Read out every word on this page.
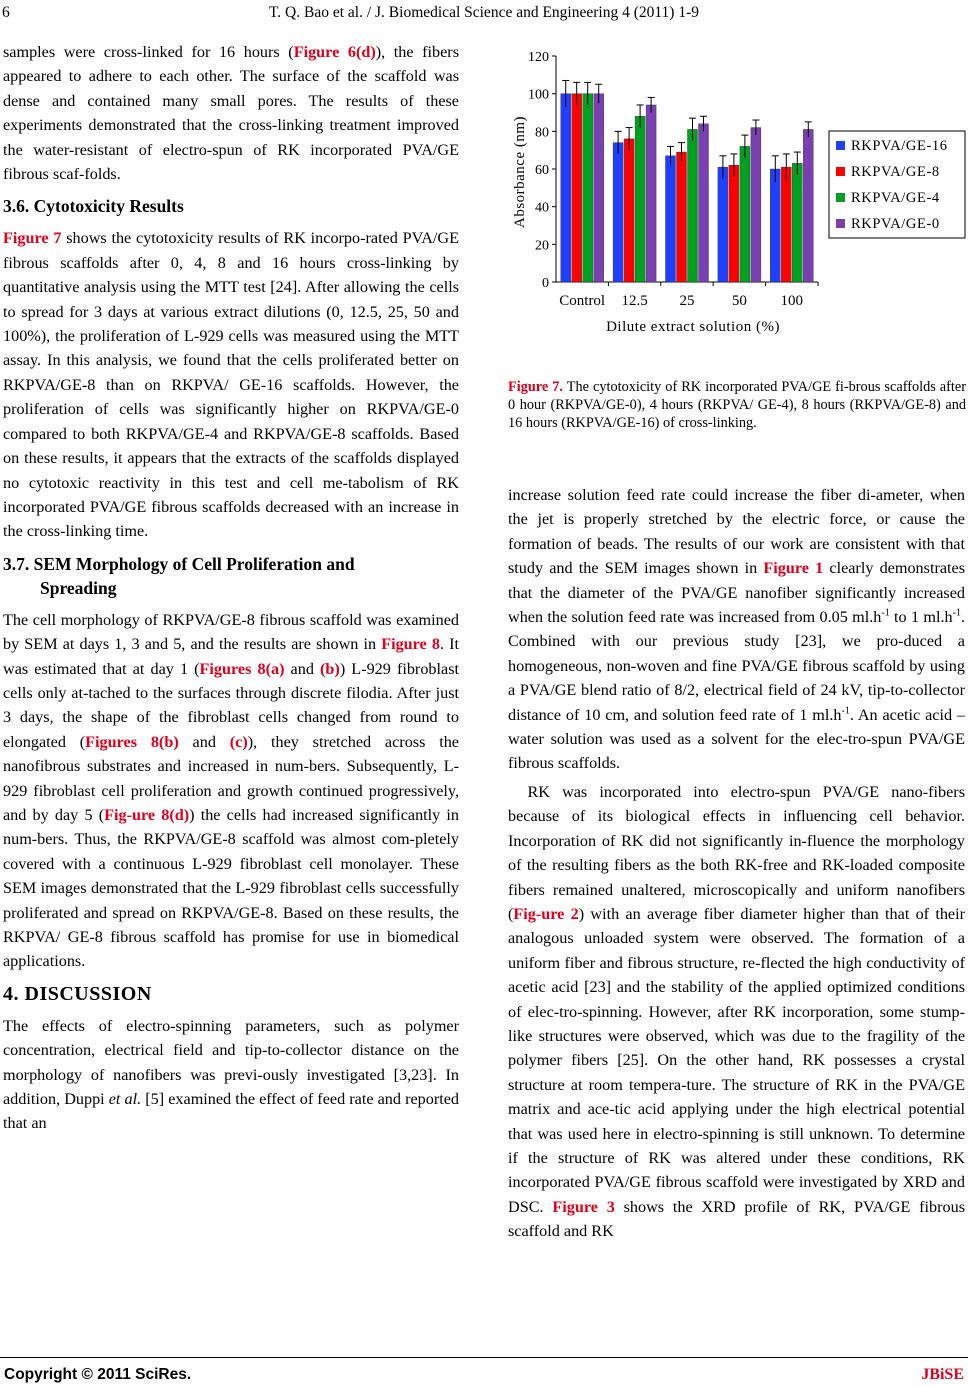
6	T. Q. Bao et al. / J. Biomedical Science and Engineering 4 (2011) 1-9

samples were cross-linked for 16 hours (Figure 6(d)), the fibers appeared to adhere to each other. The surface of the scaffold was dense and contained many small pores. The results of these experiments demonstrated that the cross-linking treatment improved the water-resistant of electro-spun of RK incorporated PVA/GE fibrous scaf-folds.

3.6. Cytotoxicity Results

Figure 7 shows the cytotoxicity results of RK incorpo-rated PVA/GE fibrous scaffolds after 0, 4, 8 and 16 hours cross-linking by quantitative analysis using the MTT test [24]. After allowing the cells to spread for 3 days at various extract dilutions (0, 12.5, 25, 50 and 100%), the proliferation of L-929 cells was measured using the MTT assay. In this analysis, we found that the cells proliferated better on RKPVA/GE-8 than on RKPVA/ GE-16 scaffolds. However, the proliferation of cells was significantly higher on RKPVA/GE-0 compared to both RKPVA/GE-4 and RKPVA/GE-8 scaffolds. Based on these results, it appears that the extracts of the scaffolds displayed no cytotoxic reactivity in this test and cell me-tabolism of RK incorporated PVA/GE fibrous scaffolds decreased with an increase in the cross-linking time.

3.7. SEM Morphology of Cell Proliferation and
Spreading

The cell morphology of RKPVA/GE-8 fibrous scaffold was examined by SEM at days 1, 3 and 5, and the results are shown in Figure 8. It was estimated that at day 1 (Figures 8(a) and (b)) L-929 fibroblast cells only at-tached to the surfaces through discrete filodia. After just 3 days, the shape of the fibroblast cells changed from round to elongated (Figures 8(b) and (c)), they stretched across the nanofibrous substrates and increased in num-bers. Subsequently, L-929 fibroblast cell proliferation and growth continued progressively, and by day 5 (Fig-ure 8(d)) the cells had increased significantly in num-bers. Thus, the RKPVA/GE-8 scaffold was almost com-pletely covered with a continuous L-929 fibroblast cell monolayer. These SEM images demonstrated that the L-929 fibroblast cells successfully proliferated and spread on RKPVA/GE-8. Based on these results, the RKPVA/ GE-8 fibrous scaffold has promise for use in biomedical applications.

4. DISCUSSION

The effects of electro-spinning parameters, such as polymer concentration, electrical field and tip-to-collector distance on the morphology of nanofibers was previ-ously investigated [3,23]. In addition, Duppi et al. [5] examined the effect of feed rate and reported that an

0
20
40
60
80
100
120
Absorbance (nm)
Control 12.5 25 50 100
Dilute extract solution (%)
RKPVA/GE-16
RKPVA/GE-8
RKPVA/GE-4
RKPVA/GE-0
Figure 7. The cytotoxicity of RK incorporated PVA/GE fi-brous scaffolds after 0 hour (RKPVA/GE-0), 4 hours (RKPVA/ GE-4), 8 hours (RKPVA/GE-8) and 16 hours (RKPVA/GE-16) of cross-linking.

increase solution feed rate could increase the fiber di-ameter, when the jet is properly stretched by the electric force, or cause the formation of beads. The results of our work are consistent with that study and the SEM images shown in Figure 1 clearly demonstrates that the diameter of the PVA/GE nanofiber significantly increased when the solution feed rate was increased from 0.05 $ml.h^{-1}$ to 1 $ml.h^{-1}$. Combined with our previous study [23], we pro-duced a homogeneous, non-woven and fine PVA/GE fibrous scaffold by using a PVA/GE blend ratio of 8/2, electrical field of 24 kV, tip-to-collector distance of 10 cm, and solution feed rate of 1 $ml.h^{-1}$. An acetic acid –water solution was used as a solvent for the elec-tro-spun PVA/GE fibrous scaffolds.

RK was incorporated into electro-spun PVA/GE nano-fibers because of its biological effects in influencing cell behavior. Incorporation of RK did not significantly in-fluence the morphology of the resulting fibers as the both RK-free and RK-loaded composite fibers remained unaltered, microscopically and uniform nanofibers (Fig-ure 2) with an average fiber diameter higher than that of their analogous unloaded system were observed. The formation of a uniform fiber and fibrous structure, re-flected the high conductivity of acetic acid [23] and the stability of the applied optimized conditions of elec-tro-spinning. However, after RK incorporation, some stump-like structures were observed, which was due to the fragility of the polymer fibers [25]. On the other hand, RK possesses a crystal structure at room tempera-ture. The structure of RK in the PVA/GE matrix and ace-tic acid applying under the high electrical potential that was used here in electro-spinning is still unknown. To determine if the structure of RK was altered under these conditions, RK incorporated PVA/GE fibrous scaffold were investigated by XRD and DSC. Figure 3 shows the XRD profile of RK, PVA/GE fibrous scaffold and RK

Copyright © 2011 SciRes.	JBiSE
